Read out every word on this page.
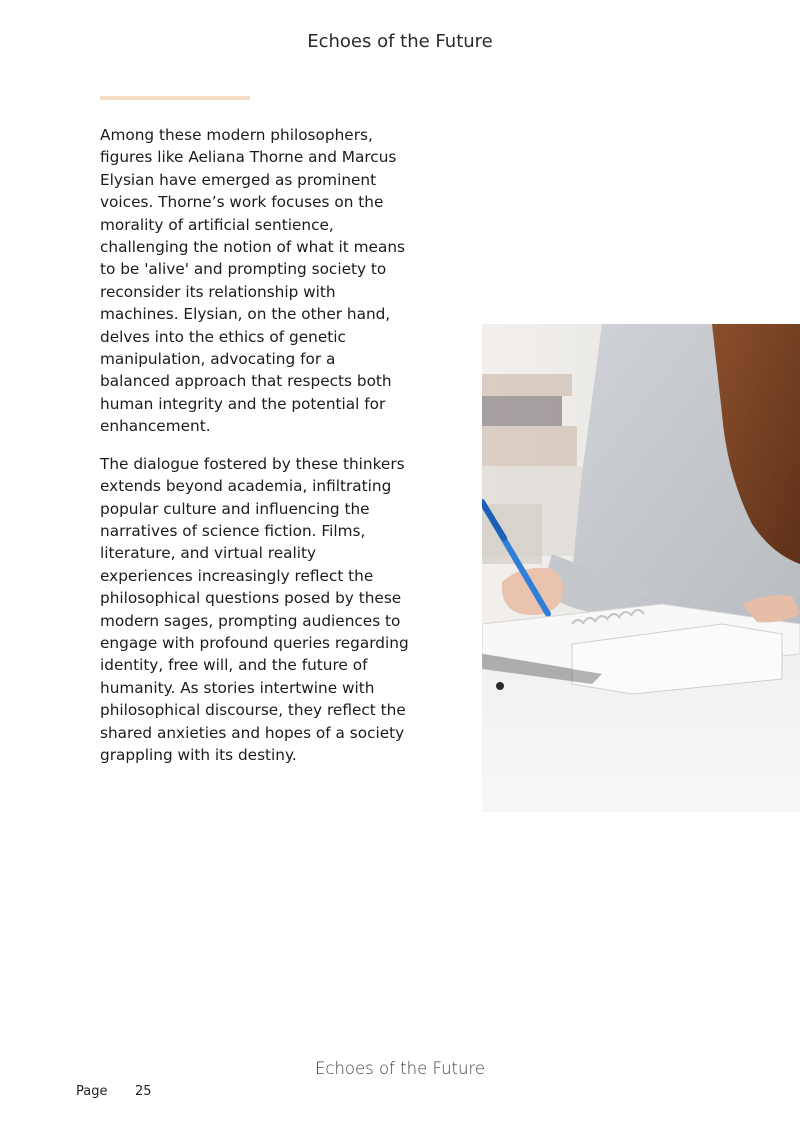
Echoes of the Future

Among these modern philosophers, figures like Aeliana Thorne and Marcus Elysian have emerged as prominent voices. Thorne’s work focuses on the morality of artificial sentience, challenging the notion of what it means to be 'alive' and prompting society to reconsider its relationship with machines. Elysian, on the other hand, delves into the ethics of genetic manipulation, advocating for a balanced approach that respects both human integrity and the potential for enhancement.

The dialogue fostered by these thinkers extends beyond academia, infiltrating popular culture and influencing the narratives of science fiction. Films, literature, and virtual reality experiences increasingly reflect the philosophical questions posed by these modern sages, prompting audiences to engage with profound queries regarding identity, free will, and the future of humanity. As stories intertwine with philosophical discourse, they reflect the shared anxieties and hopes of a society grappling with its destiny.

Echoes of the Future
Page 25
